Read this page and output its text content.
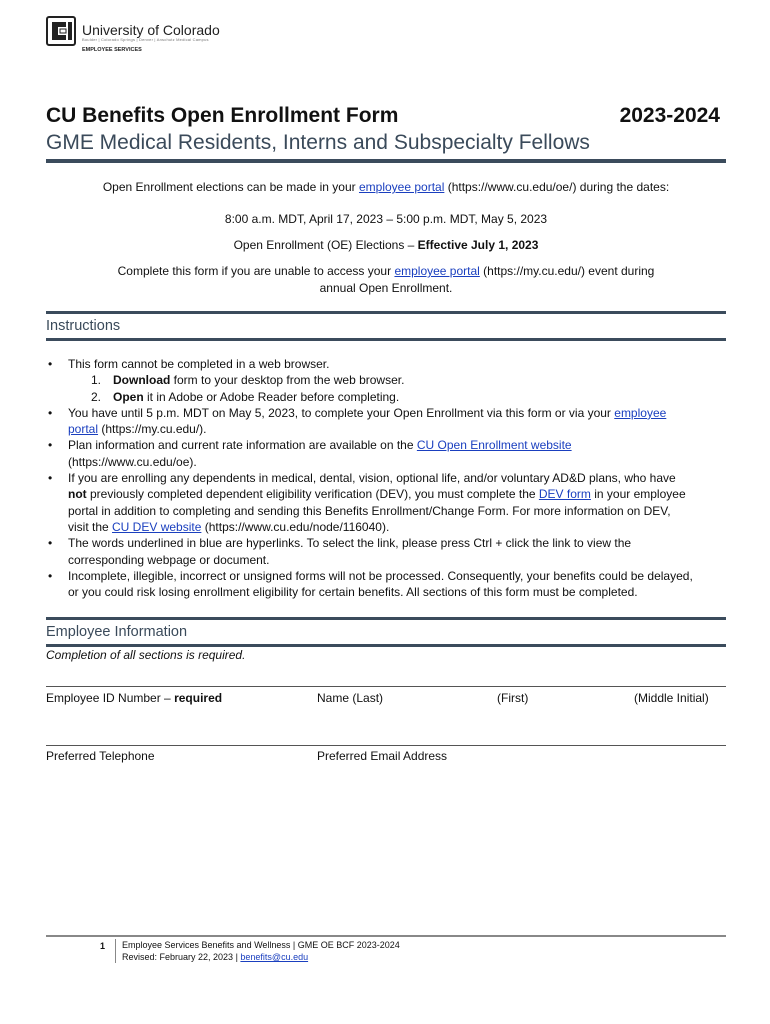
University of Colorado
Boulder | Colorado Springs | Denver | Anschutz Medical Campus
EMPLOYEE SERVICES
CU Benefits Open Enrollment Form	2023-2024
GME Medical Residents, Interns and Subspecialty Fellows
Open Enrollment elections can be made in your employee portal (https://www.cu.edu/oe/) during the dates:
8:00 a.m. MDT, April 17, 2023 – 5:00 p.m. MDT, May 5, 2023
Open Enrollment (OE) Elections – Effective July 1, 2023
Complete this form if you are unable to access your employee portal (https://my.cu.edu/) event during
annual Open Enrollment.
Instructions
• This form cannot be completed in a web browser.
1. Download form to your desktop from the web browser.
2. Open it in Adobe or Adobe Reader before completing.
• You have until 5 p.m. MDT on May 5, 2023, to complete your Open Enrollment via this form or via your employee
portal (https://my.cu.edu/).
• Plan information and current rate information are available on the CU Open Enrollment website
(https://www.cu.edu/oe).
• If you are enrolling any dependents in medical, dental, vision, optional life, and/or voluntary AD&D plans, who have
not previously completed dependent eligibility verification (DEV), you must complete the DEV form in your employee
portal in addition to completing and sending this Benefits Enrollment/Change Form. For more information on DEV,
visit the CU DEV website (https://www.cu.edu/node/116040).
• The words underlined in blue are hyperlinks. To select the link, please press Ctrl + click the link to view the
corresponding webpage or document.
• Incomplete, illegible, incorrect or unsigned forms will not be processed. Consequently, your benefits could be delayed,
or you could risk losing enrollment eligibility for certain benefits. All sections of this form must be completed.
Employee Information
Completion of all sections is required.
Employee ID Number – required	Name (Last)	(First)	(Middle Initial)
Preferred Telephone	Preferred Email Address
1 Employee Services Benefits and Wellness | GME OE BCF 2023-2024
Revised: February 22, 2023 | benefits@cu.edu
